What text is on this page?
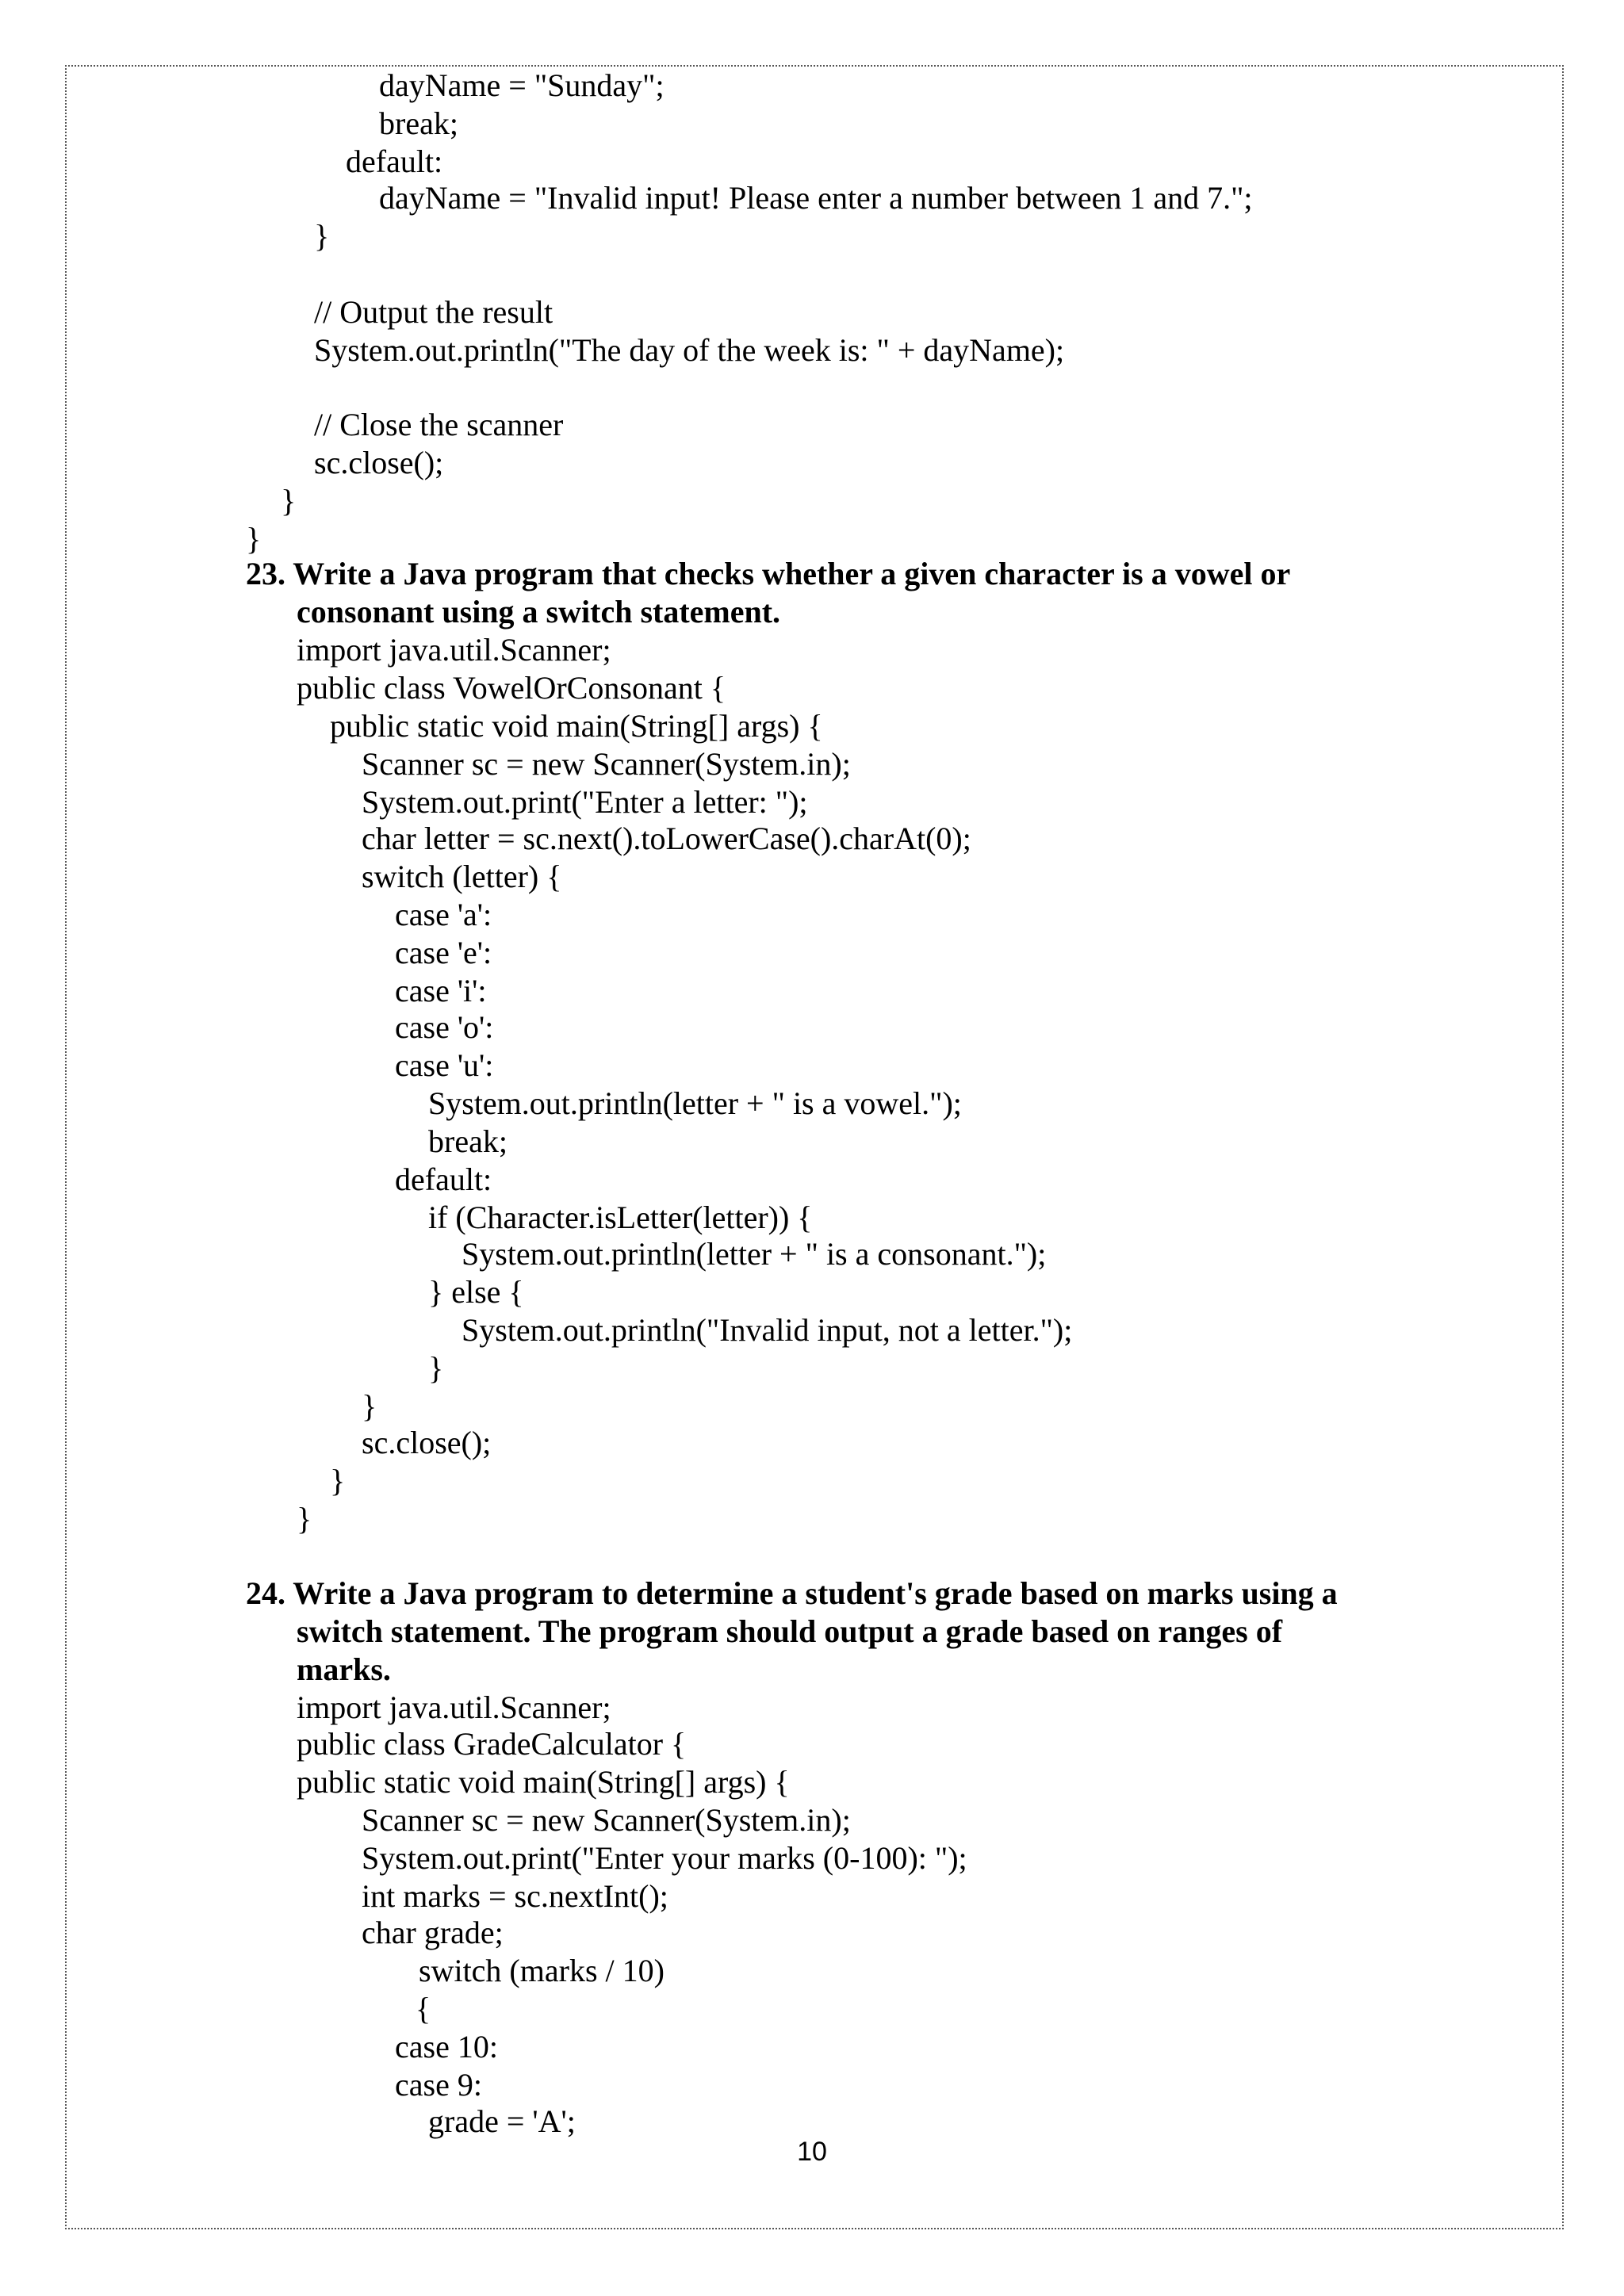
dayName = "Sunday";
break;
default:
dayName = "Invalid input! Please enter a number between 1 and 7.";
}
// Output the result
System.out.println("The day of the week is: " + dayName);
// Close the scanner
sc.close();
}
}
23. Write a Java program that checks whether a given character is a vowel or
consonant using a switch statement.
import java.util.Scanner;
public class VowelOrConsonant {
public static void main(String[] args) {
Scanner sc = new Scanner(System.in);
System.out.print("Enter a letter: ");
char letter = sc.next().toLowerCase().charAt(0);
switch (letter) {
case 'a':
case 'e':
case 'i':
case 'o':
case 'u':
System.out.println(letter + " is a vowel.");
break;
default:
if (Character.isLetter(letter)) {
System.out.println(letter + " is a consonant.");
} else {
System.out.println("Invalid input, not a letter.");
}
}
sc.close();
}
}
24. Write a Java program to determine a student's grade based on marks using a
switch statement. The program should output a grade based on ranges of
marks.
import java.util.Scanner;
public class GradeCalculator {
public static void main(String[] args) {
Scanner sc = new Scanner(System.in);
System.out.print("Enter your marks (0-100): ");
int marks = sc.nextInt();
char grade;
switch (marks / 10)
{
case 10:
case 9:
grade = 'A';
10
